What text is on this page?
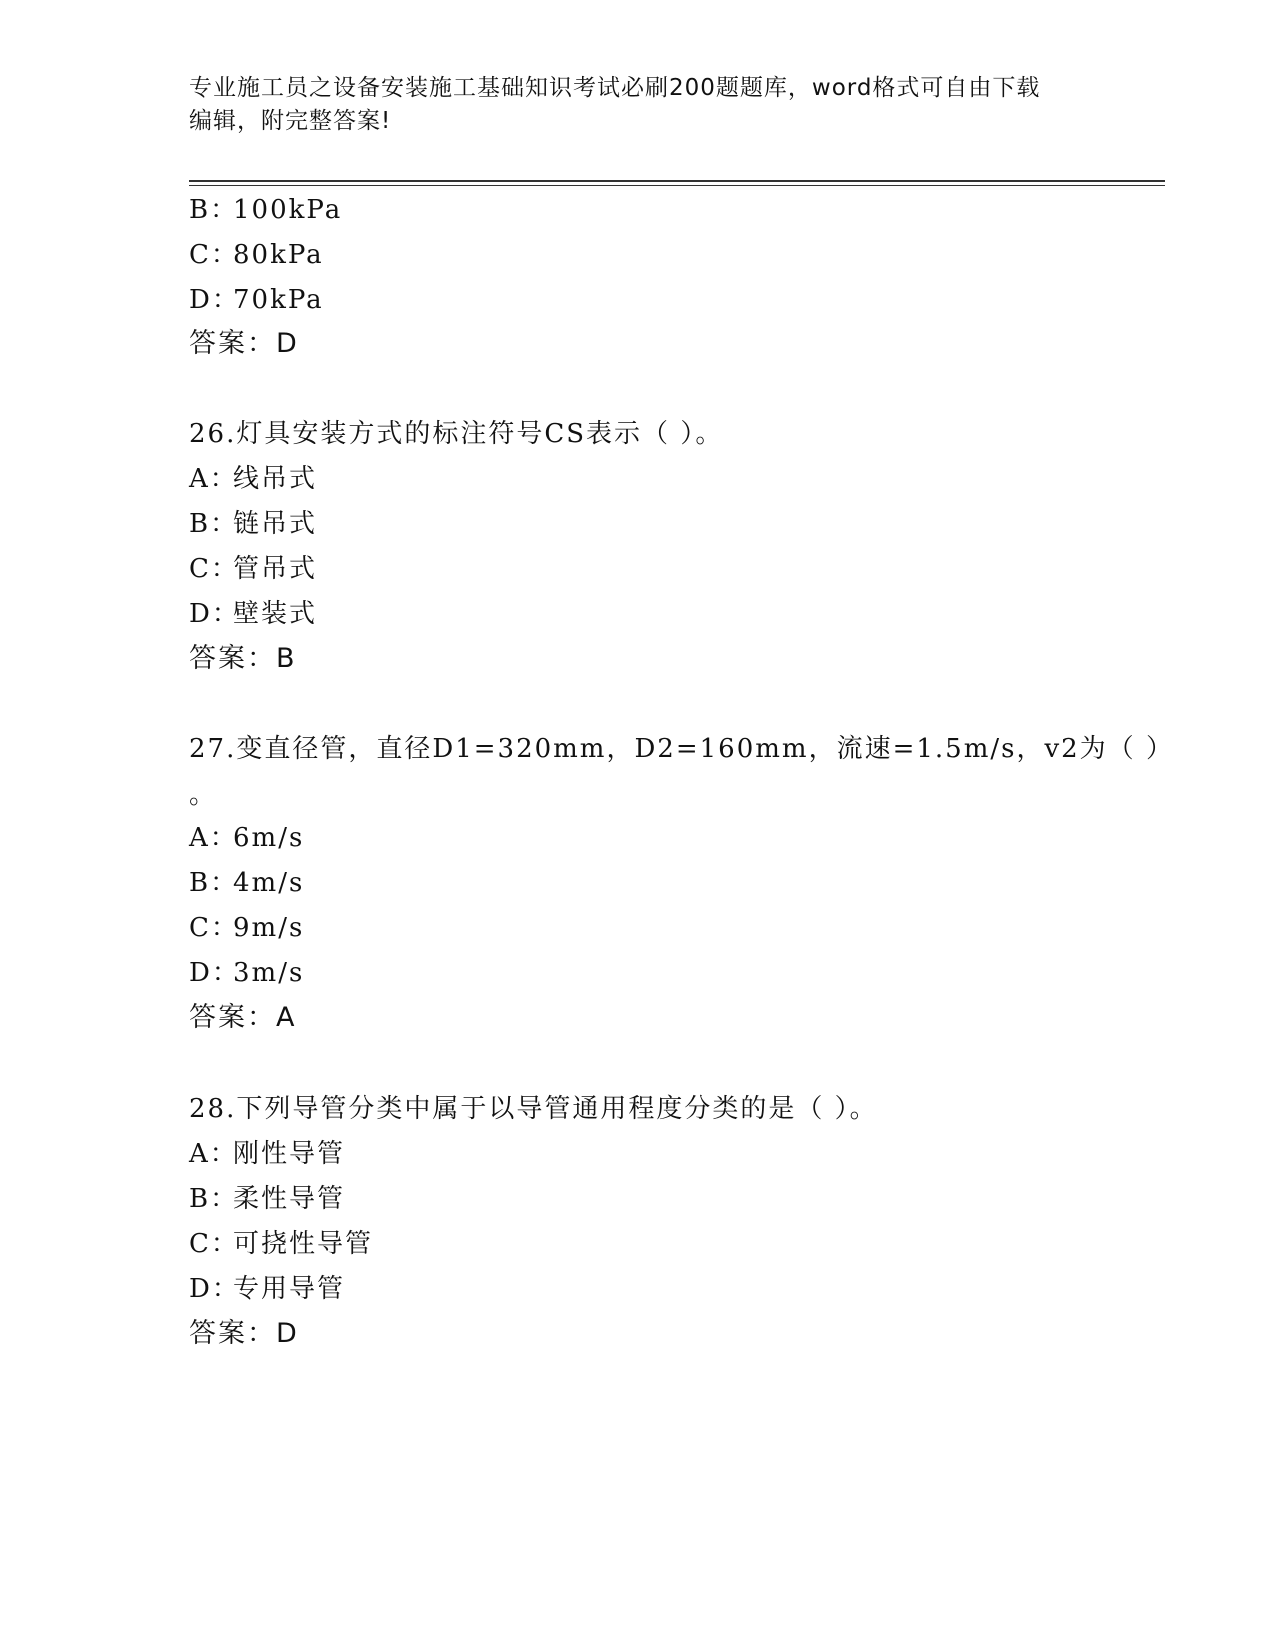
专业施工员之设备安装施工基础知识考试必刷200题题库，word格式可自由下载
编辑，附完整答案!
B：100kPa
C：80kPa
D：70kPa
答案：D
26.灯具安装方式的标注符号CS表示（ ）。
A：线吊式
B：链吊式
C：管吊式
D：壁装式
答案：B
27.变直径管，直径D1=320mm，D2=160mm，流速=1.5m/s，v2为（ ）
。
A：6m/s
B：4m/s
C：9m/s
D：3m/s
答案：A
28.下列导管分类中属于以导管通用程度分类的是（ ）。
A：刚性导管
B：柔性导管
C：可挠性导管
D：专用导管
答案：D
